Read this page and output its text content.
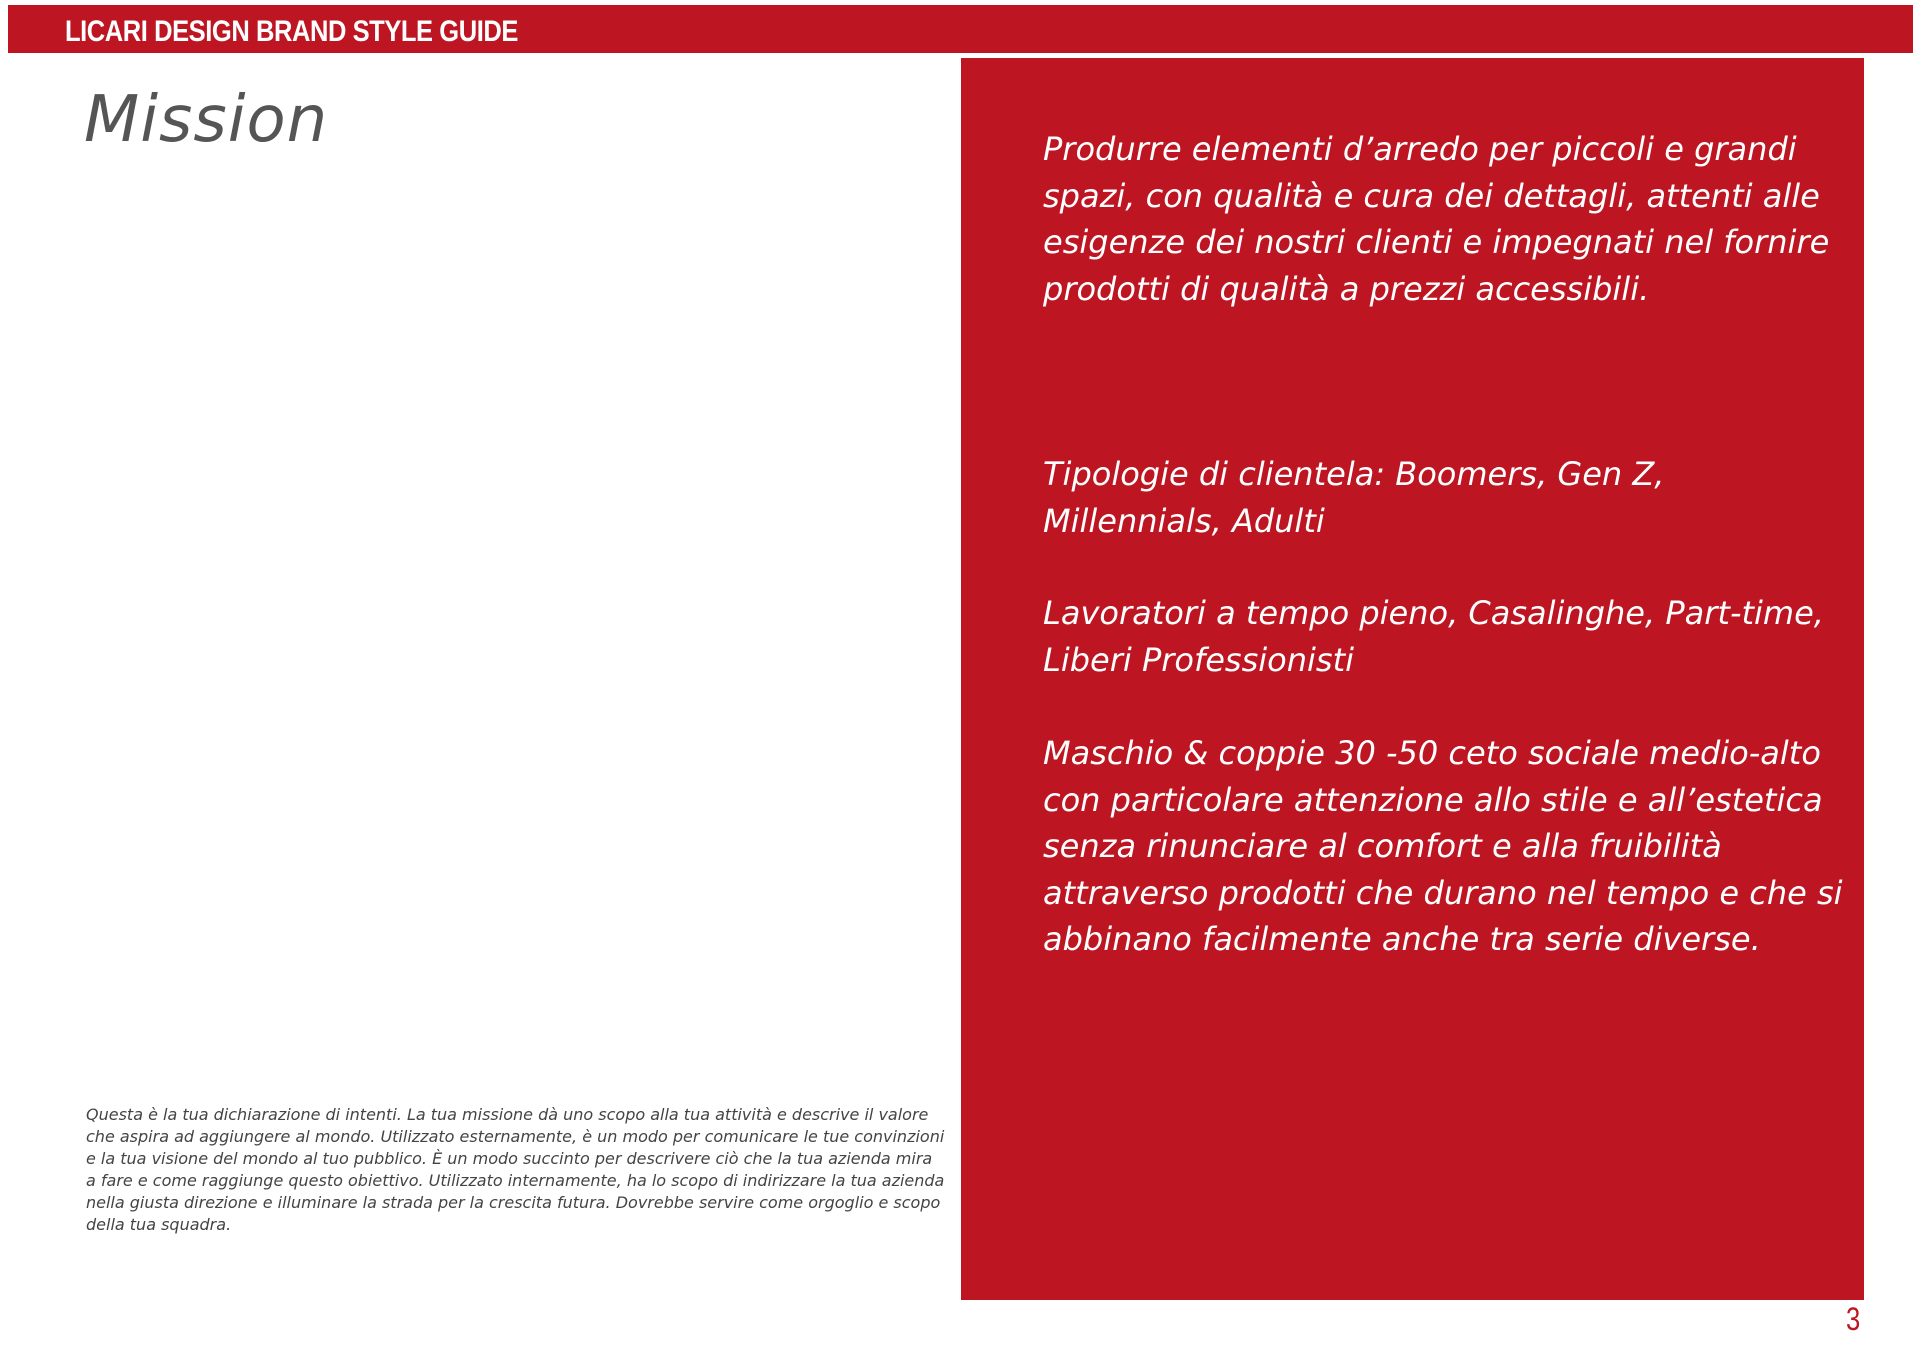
LICARI DESIGN BRAND STYLE GUIDE
Mission

Questa è la tua dichiarazione di intenti. La tua missione dà uno scopo alla tua attività e descrive il valore che aspira ad aggiungere al mondo. Utilizzato esternamente, è un modo per comunicare le tue convinzioni e la tua visione del mondo al tuo pubblico. È un modo succinto per descrivere ciò che la tua azienda mira a fare e come raggiunge questo obiettivo. Utilizzato internamente, ha lo scopo di indirizzare la tua azienda nella giusta direzione e illuminare la strada per la crescita futura. Dovrebbe servire come orgoglio e scopo della tua squadra.

Produrre elementi d’arredo per piccoli e grandi spazi, con qualità e cura dei dettagli, attenti alle esigenze dei nostri clienti e impegnati nel fornire prodotti di qualità a prezzi accessibili.

Tipologie di clientela: Boomers, Gen Z, Millennials, Adulti

Lavoratori a tempo pieno, Casalinghe, Part-time, Liberi Professionisti

Maschio & coppie 30 -50 ceto sociale medio-alto con particolare attenzione allo stile e all’estetica senza rinunciare al comfort e alla fruibilità attraverso prodotti che durano nel tempo e che si abbinano facilmente anche tra serie diverse.

3
